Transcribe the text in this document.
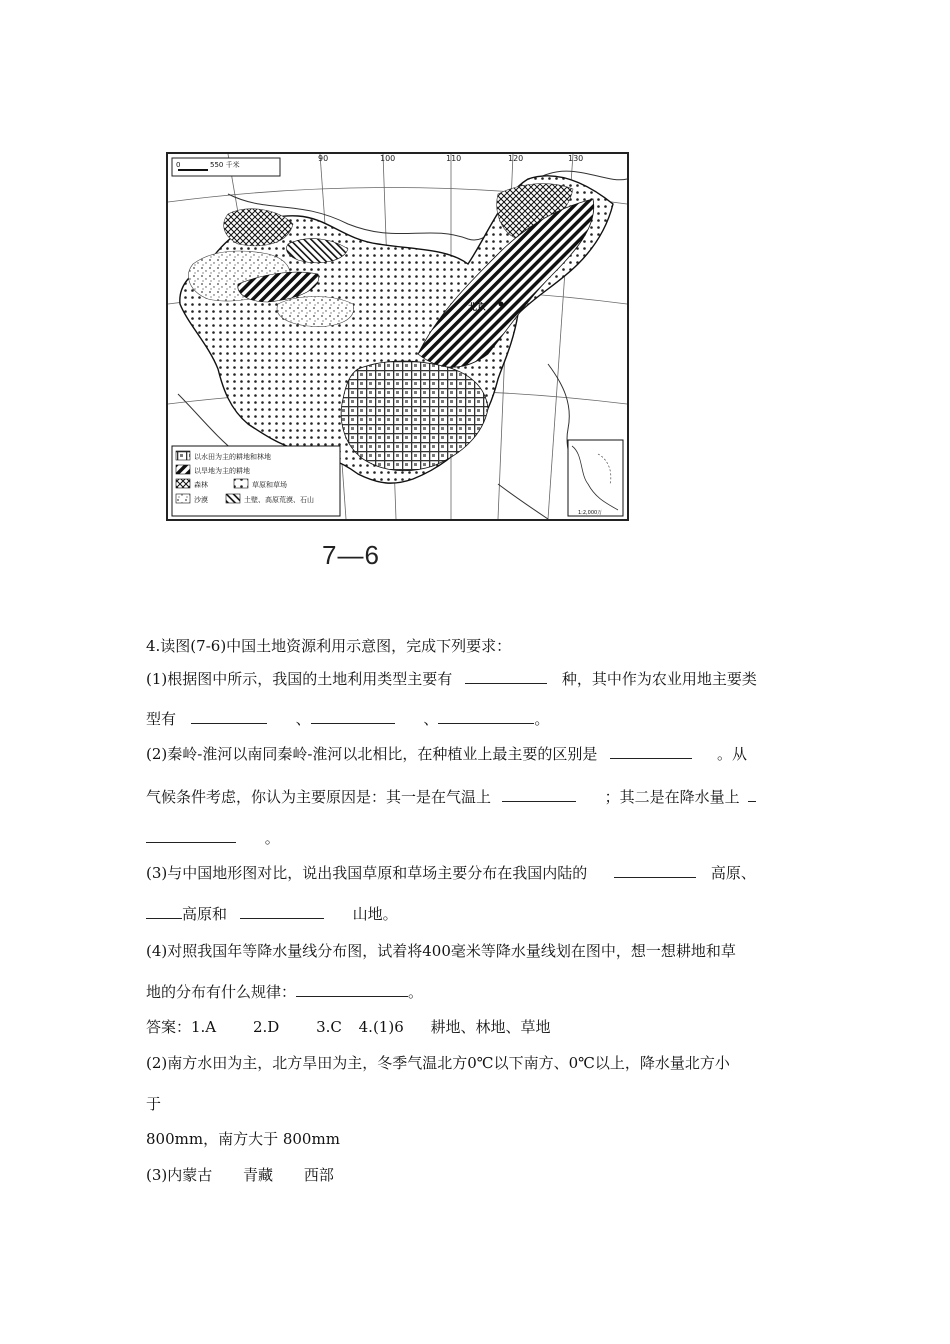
90	100	110	120	130
0	550 千米
北京
以水田为主的耕地和林地
以旱地为主的耕地
森林	草原和草场
沙漠	土壁、高原荒漠、石山
1:2,000万
7—6
4.读图(7-6)中国土地资源利用示意图，完成下列要求：
(1)根据图中所示，我国的土地利用类型主要有	种，其中作为农业用地主要类
型有	、	、	。
(2)秦岭-淮河以南同秦岭-淮河以北相比，在种植业上最主要的区别是	。从
气候条件考虑，你认为主要原因是：其一是在气温上	；其二是在降水量上
。
(3)与中国地形图对比，说出我国草原和草场主要分布在我国内陆的	高原、
高原和	山地。
(4)对照我国年等降水量线分布图，试着将400毫米等降水量线划在图中，想一想耕地和草
地的分布有什么规律：	。
答案：1.A 2.D 3.C 4.(1)6 耕地、林地、草地
(2)南方水田为主，北方旱田为主，冬季气温北方0℃以下南方、0℃以上，降水量北方小
于
800mm，南方大于 800mm
(3)内蒙古 青藏 西部
